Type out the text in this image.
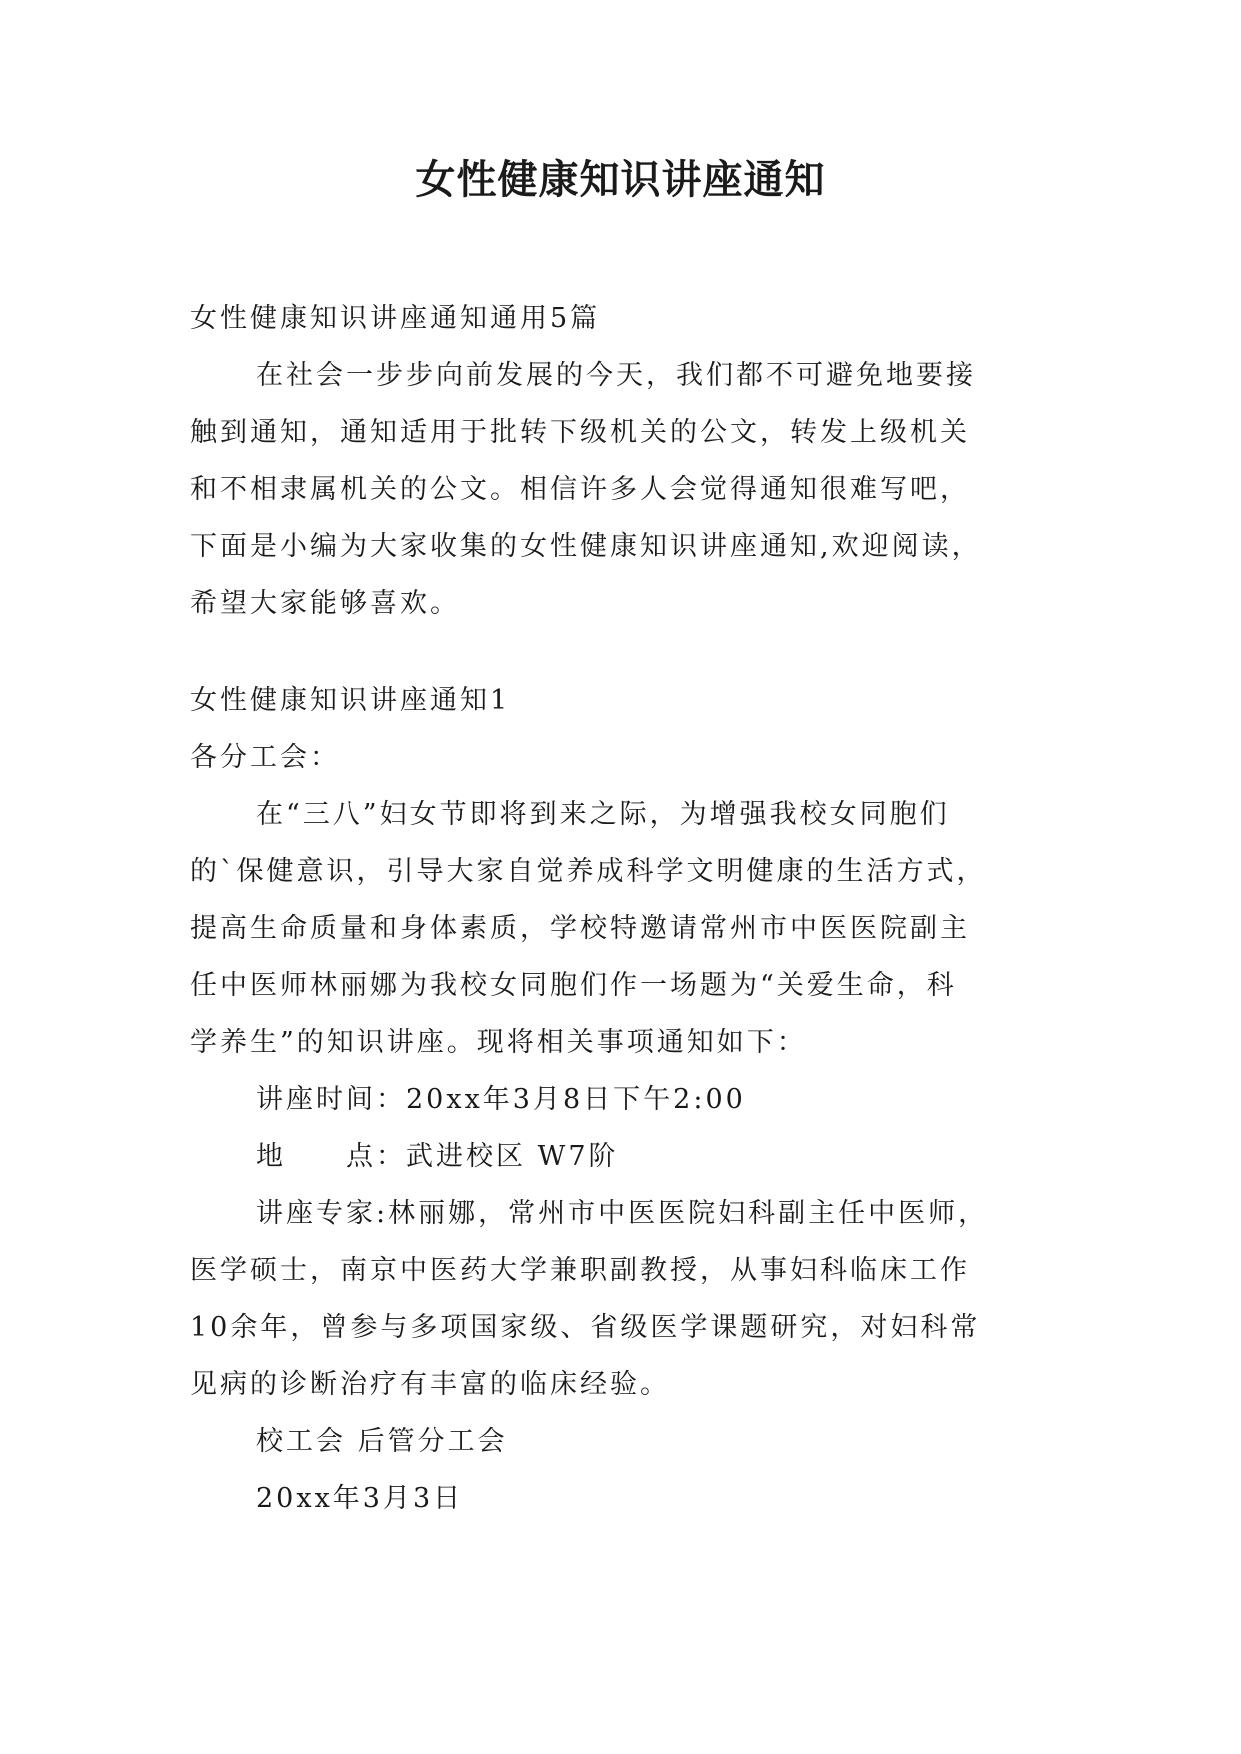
女性健康知识讲座通知
女性健康知识讲座通知通用5篇
在社会一步步向前发展的今天，我们都不可避免地要接
触到通知，通知适用于批转下级机关的公文，转发上级机关
和不相隶属机关的公文。相信许多人会觉得通知很难写吧，
下面是小编为大家收集的女性健康知识讲座通知,欢迎阅读，
希望大家能够喜欢。
女性健康知识讲座通知1
各分工会：
在“三八”妇女节即将到来之际，为增强我校女同胞们
的`保健意识，引导大家自觉养成科学文明健康的生活方式，
提高生命质量和身体素质，学校特邀请常州市中医医院副主
任中医师林丽娜为我校女同胞们作一场题为“关爱生命，科
学养生”的知识讲座。现将相关事项通知如下：
讲座时间：20xx年3月8日下午2:00
地　　点：武进校区 W7阶
讲座专家:林丽娜，常州市中医医院妇科副主任中医师，
医学硕士，南京中医药大学兼职副教授，从事妇科临床工作
10余年，曾参与多项国家级、省级医学课题研究，对妇科常
见病的诊断治疗有丰富的临床经验。
校工会 后管分工会
20xx年3月3日
